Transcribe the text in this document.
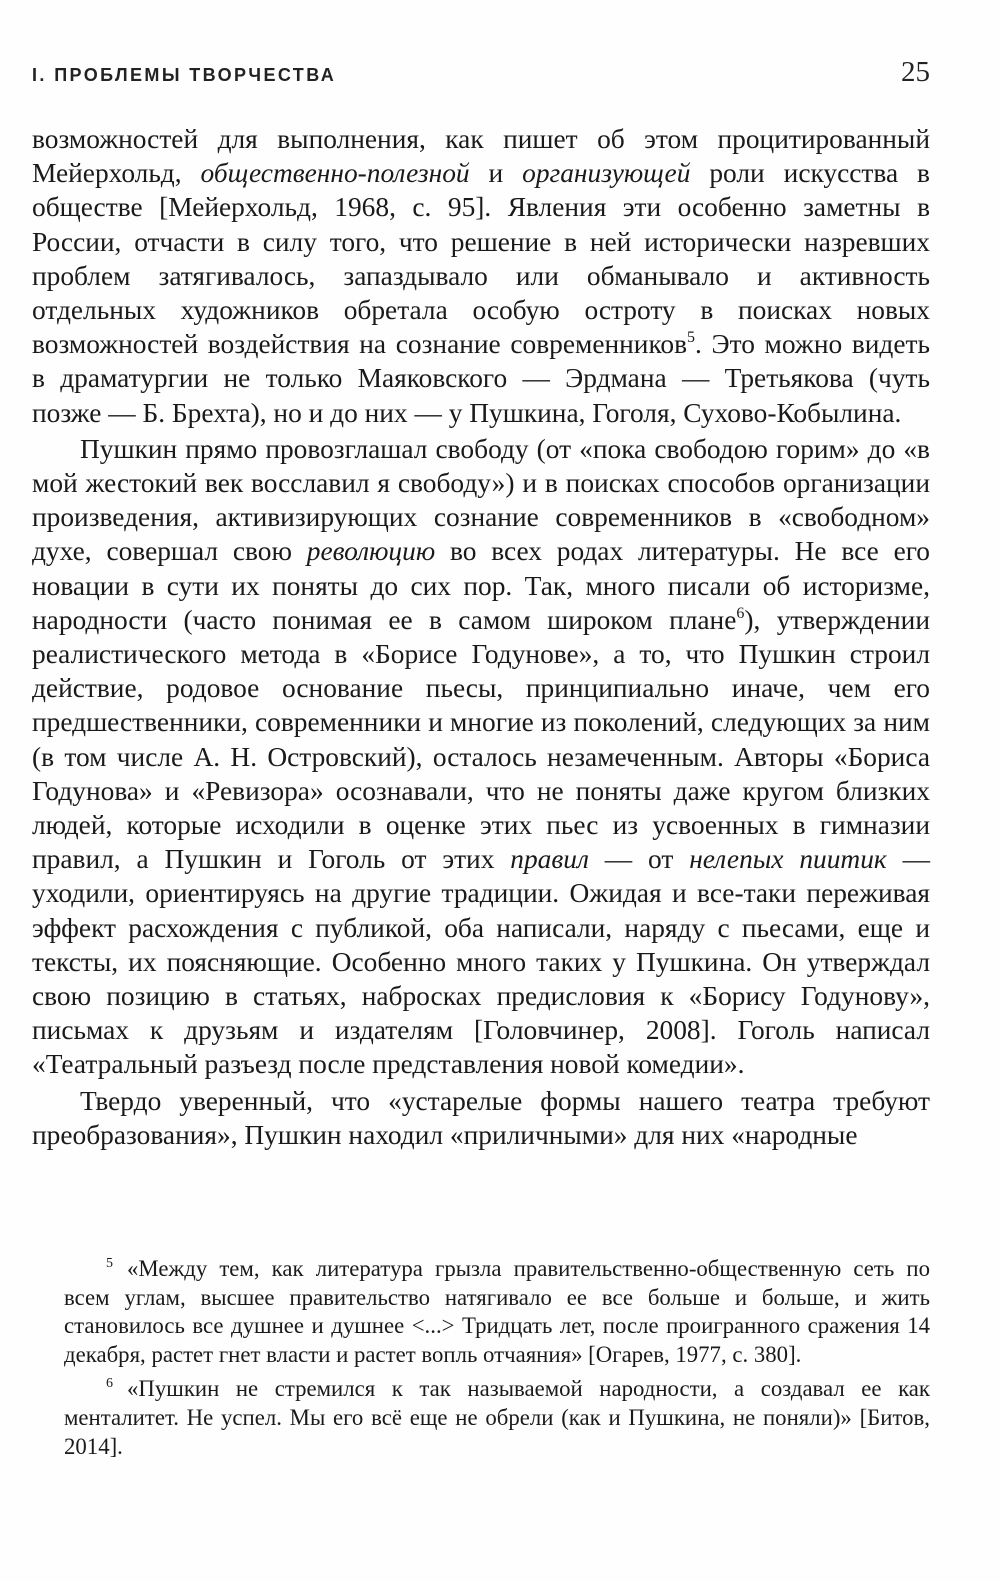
I. ПРОБЛЕМЫ ТВОРЧЕСТВА	25

возможностей для выполнения, как пишет об этом процитированный Мейерхольд, общественно-полезной и организующей роли искусства в обществе [Мейерхольд, 1968, с. 95]. Явления эти особенно заметны в России, отчасти в силу того, что решение в ней исторически назревших проблем затягивалось, запаздывало или обманывало и активность отдельных художников обретала особую остроту в поисках новых возможностей воздействия на сознание современников$^5$. Это можно видеть в драматургии не только Маяковского — Эрдмана — Третьякова (чуть позже — Б. Брехта), но и до них — у Пушкина, Гоголя, Сухово-Кобылина.

Пушкин прямо провозглашал свободу (от «пока свободою горим» до «в мой жестокий век восславил я свободу») и в поисках способов организации произведения, активизирующих сознание современников в «свободном» духе, совершал свою революцию во всех родах литературы. Не все его новации в сути их поняты до сих пор. Так, много писали об историзме, народности (часто понимая ее в самом широком плане$^6$), утверждении реалистического метода в «Борисе Годунове», а то, что Пушкин строил действие, родовое основание пьесы, принципиально иначе, чем его предшественники, современники и многие из поколений, следующих за ним (в том числе А. Н. Островский), осталось незамеченным. Авторы «Бориса Годунова» и «Ревизора» осознавали, что не поняты даже кругом близких людей, которые исходили в оценке этих пьес из усвоенных в гимназии правил, а Пушкин и Гоголь от этих правил — от нелепых пиитик — уходили, ориентируясь на другие традиции. Ожидая и все-таки переживая эффект расхождения с публикой, оба написали, наряду с пьесами, еще и тексты, их поясняющие. Особенно много таких у Пушкина. Он утверждал свою позицию в статьях, набросках предисловия к «Борису Годунову», письмах к друзьям и издателям [Головчинер, 2008]. Гоголь написал «Театральный разъезд после представления новой комедии».

Твердо уверенный, что «устарелые формы нашего театра требуют преобразования», Пушкин находил «приличными» для них «народные

5 «Между тем, как литература грызла правительственно-общественную сеть по всем углам, высшее правительство натягивало ее все больше и больше, и жить становилось все душнее и душнее <...> Тридцать лет, после проигранного сражения 14 декабря, растет гнет власти и растет вопль отчаяния» [Огарев, 1977, с. 380].

6 «Пушкин не стремился к так называемой народности, а создавал ее как менталитет. Не успел. Мы его всё еще не обрели (как и Пушкина, не поняли)» [Битов, 2014].
